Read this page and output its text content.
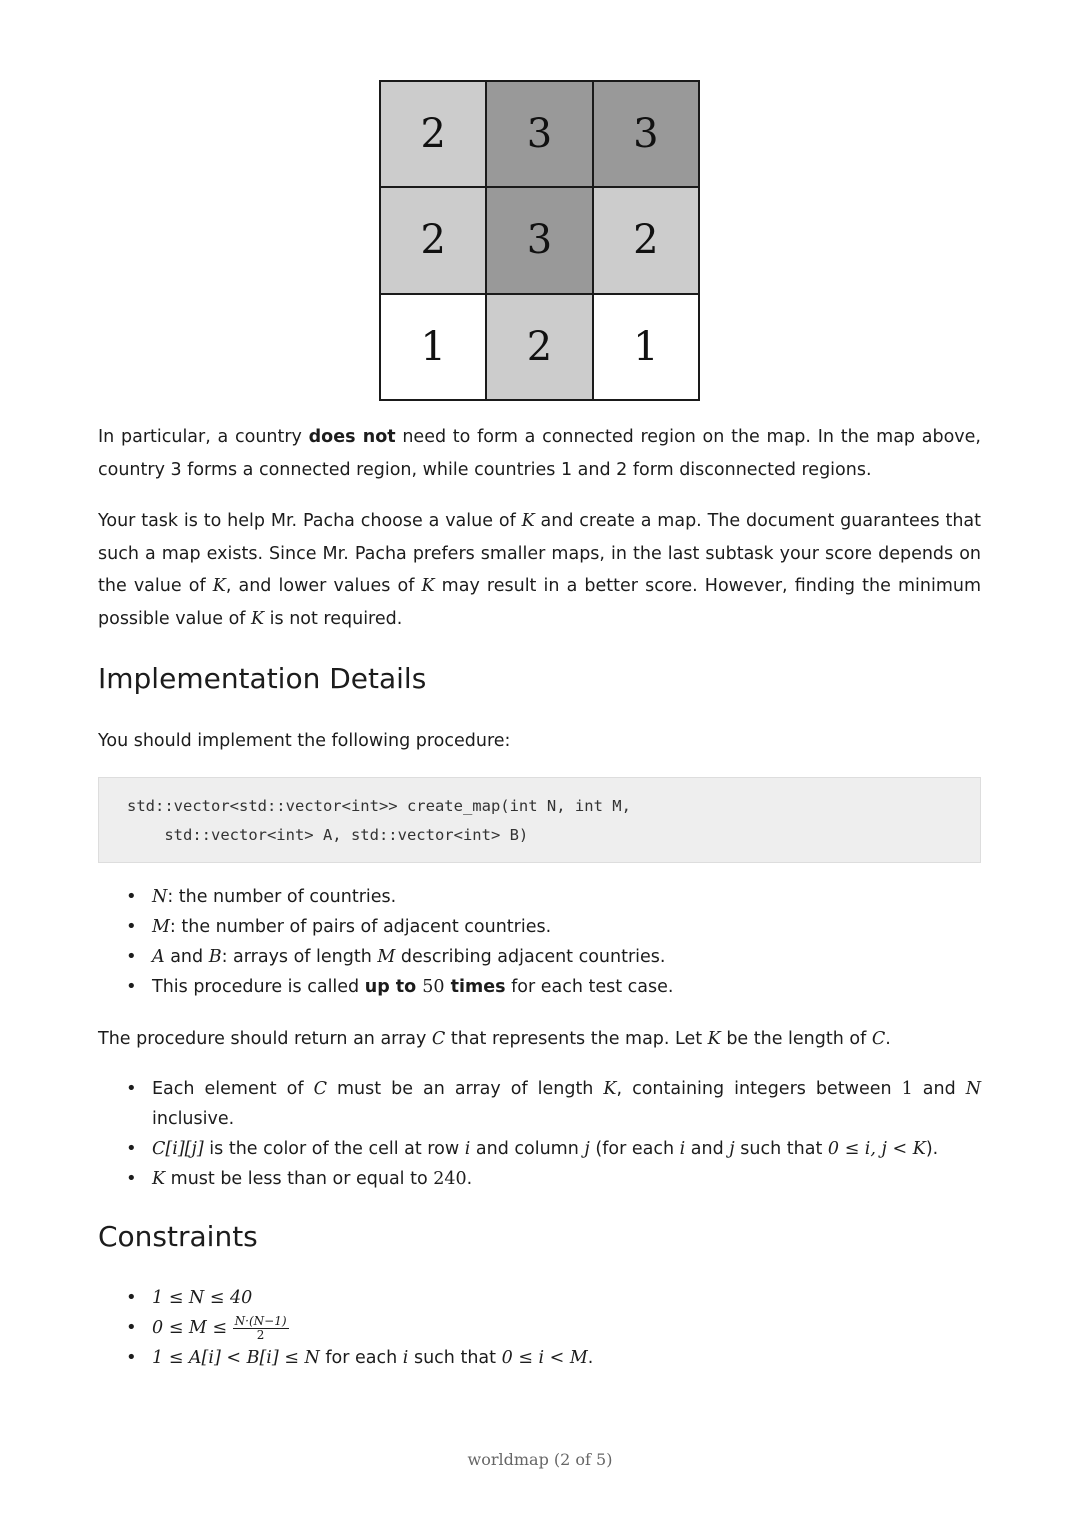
2	3	3
2	3	2
1	2	1

In particular, a country does not need to form a connected region on the map. In the map above, country 3 forms a connected region, while countries 1 and 2 form disconnected regions.

Your task is to help Mr. Pacha choose a value of K and create a map. The document guarantees that such a map exists. Since Mr. Pacha prefers smaller maps, in the last subtask your score depends on the value of K, and lower values of K may result in a better score. However, finding the minimum possible value of K is not required.

Implementation Details

You should implement the following procedure:

std::vector<std::vector<int>> create_map(int N, int M,
std::vector<int> A, std::vector<int> B)
• N: the number of countries.
• M: the number of pairs of adjacent countries.
• A and B: arrays of length M describing adjacent countries.
• This procedure is called up to 50 times for each test case.

The procedure should return an array C that represents the map. Let K be the length of C.

• Each element of C must be an array of length K, containing integers between 1 and N inclusive.
• C[i][j] is the color of the cell at row i and column j (for each i and j such that 0 ≤ i, j < K).
• K must be less than or equal to 240.
Constraints
• 1 ≤ N ≤ 40
• $0 \le M \le \frac{N\cdot(N-1)}{2}$
• 1 ≤ A[i] < B[i] ≤ N for each i such that 0 ≤ i < M.
worldmap (2 of 5)
